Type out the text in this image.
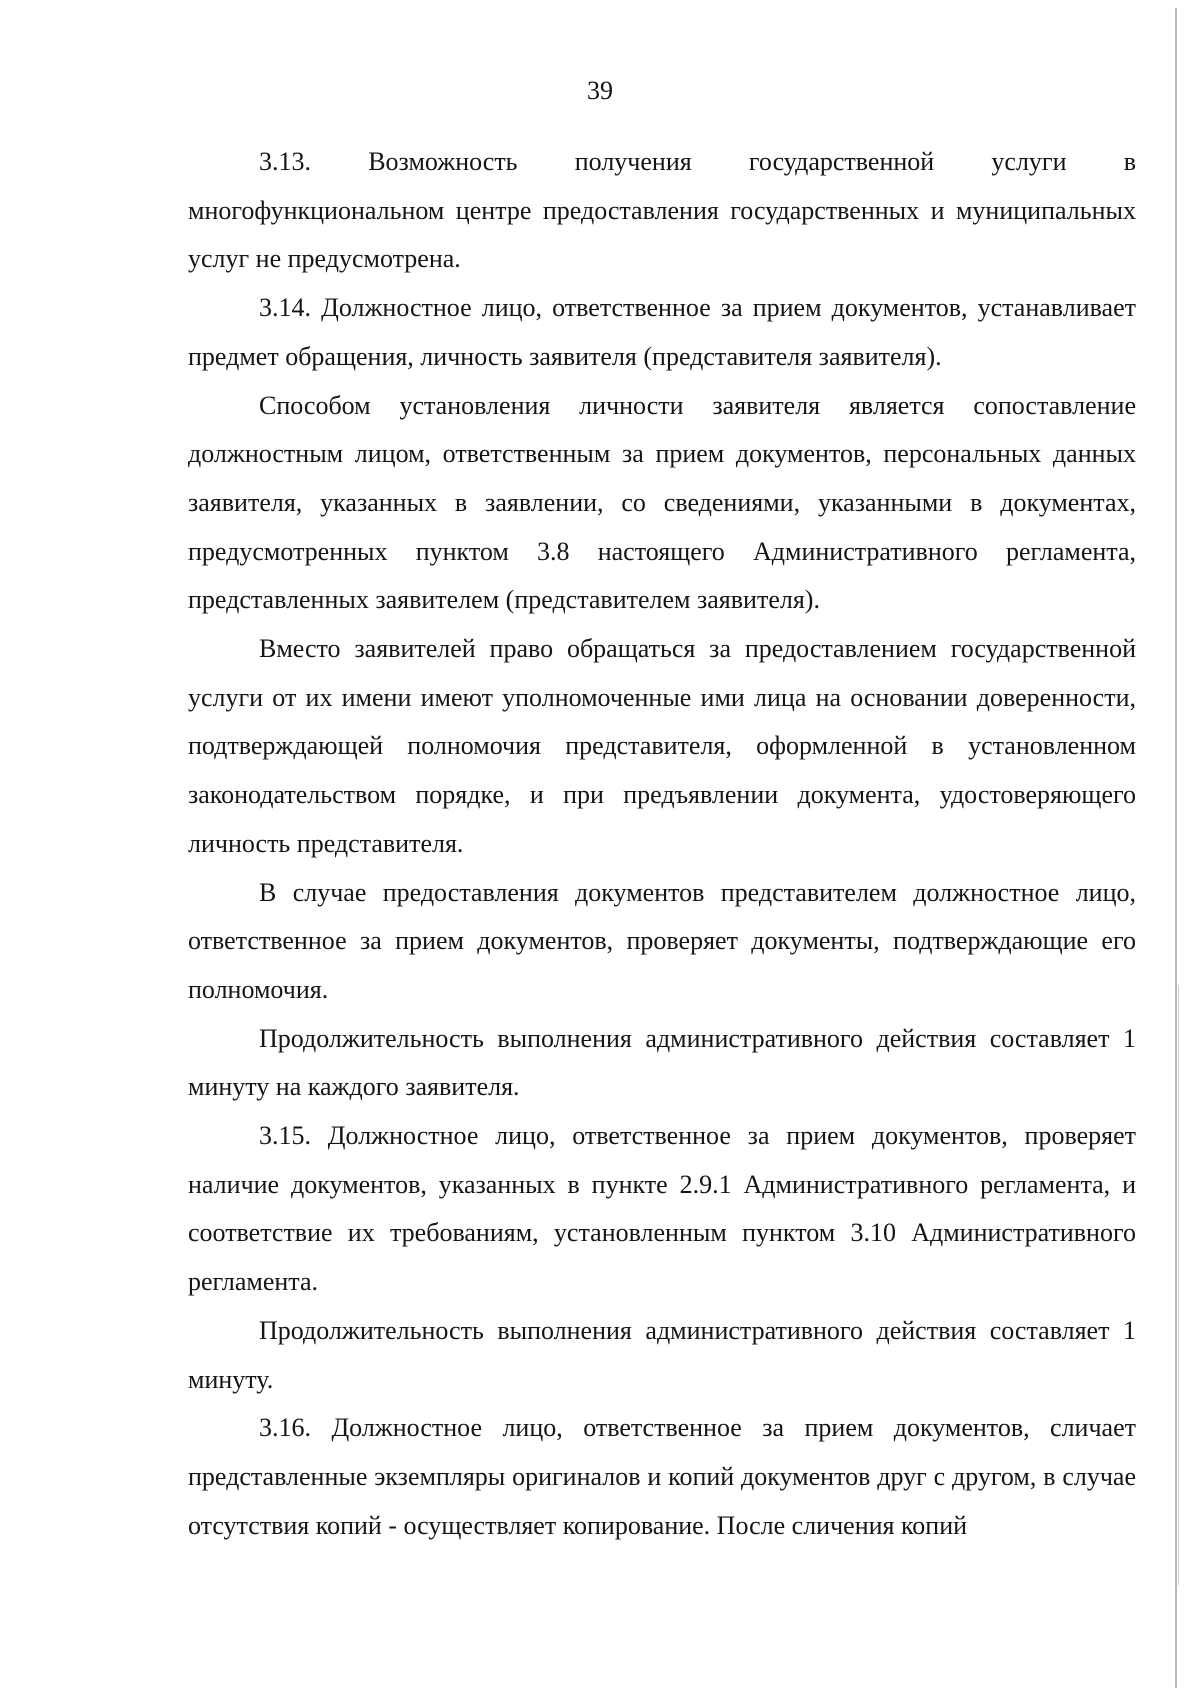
39

3.13. Возможность получения государственной услуги в многофункциональном центре предоставления государственных и муниципальных услуг не предусмотрена.

3.14. Должностное лицо, ответственное за прием документов, устанавливает предмет обращения, личность заявителя (представителя заявителя).

Способом установления личности заявителя является сопоставление должностным лицом, ответственным за прием документов, персональных данных заявителя, указанных в заявлении, со сведениями, указанными в документах, предусмотренных пунктом 3.8 настоящего Административного регламента, представленных заявителем (представителем заявителя).

Вместо заявителей право обращаться за предоставлением государственной услуги от их имени имеют уполномоченные ими лица на основании доверенности, подтверждающей полномочия представителя, оформленной в установленном законодательством порядке, и при предъявлении документа, удостоверяющего личность представителя.

В случае предоставления документов представителем должностное лицо, ответственное за прием документов, проверяет документы, подтверждающие его полномочия.

Продолжительность выполнения административного действия составляет 1 минуту на каждого заявителя.

3.15. Должностное лицо, ответственное за прием документов, проверяет наличие документов, указанных в пункте 2.9.1 Административного регламента, и соответствие их требованиям, установленным пунктом 3.10 Административного регламента.

Продолжительность выполнения административного действия составляет 1 минуту.

3.16. Должностное лицо, ответственное за прием документов, сличает представленные экземпляры оригиналов и копий документов друг с другом, в случае отсутствия копий - осуществляет копирование. После сличения копий
